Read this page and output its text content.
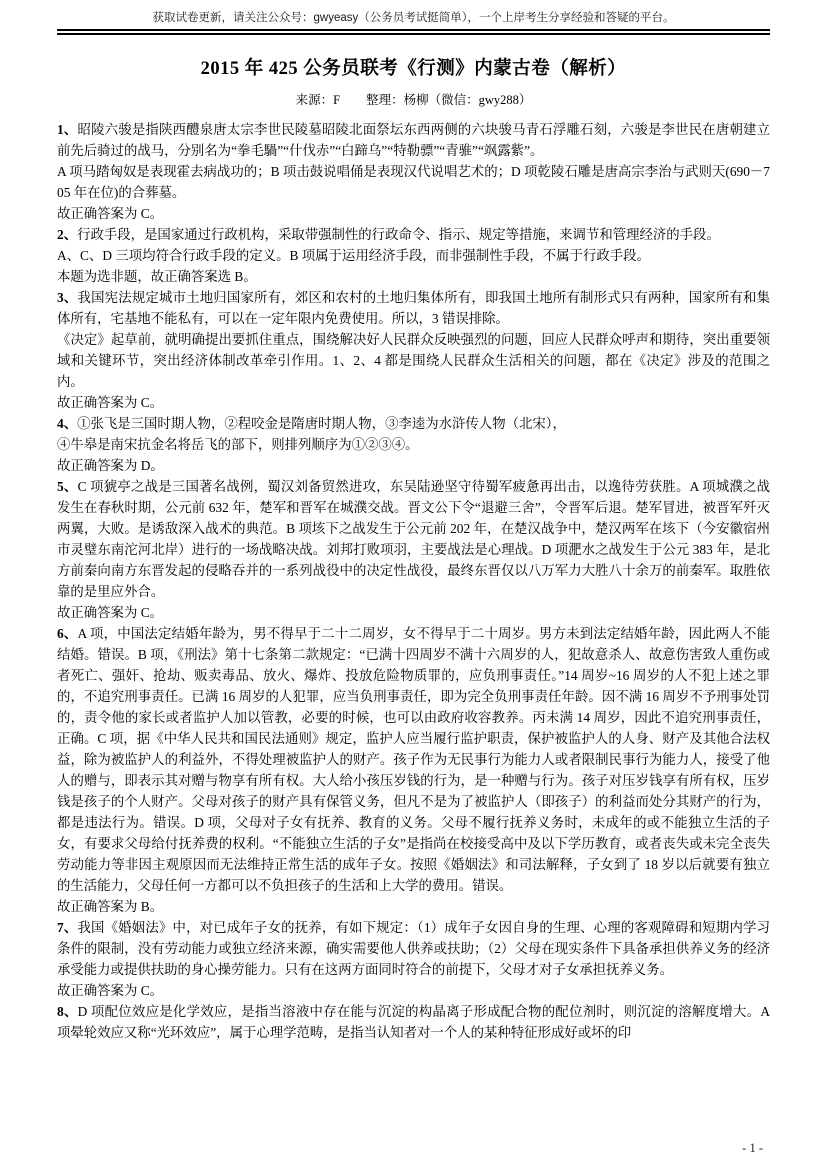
获取试卷更新，请关注公众号：gwyeasy（公务员考试挺简单），一个上岸考生分享经验和答疑的平台。
2015 年 425 公务员联考《行测》内蒙古卷（解析）
来源：F 整理：杨柳（微信：gwy288）

1、昭陵六骏是指陕西醴泉唐太宗李世民陵墓昭陵北面祭坛东西两侧的六块骏马青石浮雕石刻，六骏是李世民在唐朝建立前先后骑过的战马，分别名为“拳毛騧”“什伐赤”“白蹄乌”“特勒骠”“青骓”“飒露紫”。

A 项马踏匈奴是表现霍去病战功的；B 项击鼓说唱俑是表现汉代说唱艺术的；D 项乾陵石雕是唐高宗李治与武则天(690－705 年在位)的合葬墓。

故正确答案为 C。

2、行政手段，是国家通过行政机构，采取带强制性的行政命令、指示、规定等措施，来调节和管理经济的手段。

A、C、D 三项均符合行政手段的定义。B 项属于运用经济手段，而非强制性手段，不属于行政手段。

本题为选非题，故正确答案选 B。

3、我国宪法规定城市土地归国家所有，郊区和农村的土地归集体所有，即我国土地所有制形式只有两种，国家所有和集体所有，宅基地不能私有，可以在一定年限内免费使用。所以，3 错误排除。

《决定》起草前，就明确提出要抓住重点，围绕解决好人民群众反映强烈的问题，回应人民群众呼声和期待，突出重要领域和关键环节，突出经济体制改革牵引作用。1、2、4 都是围绕人民群众生活相关的问题，都在《决定》涉及的范围之内。

故正确答案为 C。

4、①张飞是三国时期人物，②程咬金是隋唐时期人物，③李逵为水浒传人物（北宋），

④牛皋是南宋抗金名将岳飞的部下，则排列顺序为①②③④。

故正确答案为 D。

5、C 项猇亭之战是三国著名战例，蜀汉刘备贸然进攻，东吴陆逊坚守待蜀军疲惫再出击，以逸待劳获胜。A 项城濮之战发生在春秋时期，公元前 632 年，楚军和晋军在城濮交战。晋文公下令“退避三舍”，令晋军后退。楚军冒进，被晋军歼灭两翼，大败。是诱敌深入战术的典范。B 项垓下之战发生于公元前 202 年，在楚汉战争中，楚汉两军在垓下（今安徽宿州市灵璧东南沱河北岸）进行的一场战略决战。刘邦打败项羽，主要战法是心理战。D 项淝水之战发生于公元 383 年，是北方前秦向南方东晋发起的侵略吞并的一系列战役中的决定性战役，最终东晋仅以八万军力大胜八十余万的前秦军。取胜依靠的是里应外合。

故正确答案为 C。

6、A 项，中国法定结婚年龄为，男不得早于二十二周岁，女不得早于二十周岁。男方未到法定结婚年龄，因此两人不能结婚。错误。B 项，《刑法》第十七条第二款规定：“已满十四周岁不满十六周岁的人，犯故意杀人、故意伤害致人重伤或者死亡、强奸、抢劫、贩卖毒品、放火、爆炸、投放危险物质罪的，应负刑事责任。”14 周岁~16 周岁的人不犯上述之罪的，不追究刑事责任。已满 16 周岁的人犯罪，应当负刑事责任，即为完全负刑事责任年龄。因不满 16 周岁不予刑事处罚的，责令他的家长或者监护人加以管教，必要的时候，也可以由政府收容教养。丙未满 14 周岁，因此不追究刑事责任，正确。C 项，据《中华人民共和国民法通则》规定，监护人应当履行监护职责，保护被监护人的人身、财产及其他合法权益，除为被监护人的利益外，不得处理被监护人的财产。孩子作为无民事行为能力人或者限制民事行为能力人，接受了他人的赠与，即表示其对赠与物享有所有权。大人给小孩压岁钱的行为，是一种赠与行为。孩子对压岁钱享有所有权，压岁钱是孩子的个人财产。父母对孩子的财产具有保管义务，但凡不是为了被监护人（即孩子）的利益而处分其财产的行为，都是违法行为。错误。D 项，父母对子女有抚养、教育的义务。父母不履行抚养义务时，未成年的或不能独立生活的子女，有要求父母给付抚养费的权利。“不能独立生活的子女”是指尚在校接受高中及以下学历教育，或者丧失或未完全丧失劳动能力等非因主观原因而无法维持正常生活的成年子女。按照《婚姻法》和司法解释，子女到了 18 岁以后就要有独立的生活能力，父母任何一方都可以不负担孩子的生活和上大学的费用。错误。

故正确答案为 B。

7、我国《婚姻法》中，对已成年子女的抚养，有如下规定：（1）成年子女因自身的生理、心理的客观障碍和短期内学习条件的限制，没有劳动能力或独立经济来源，确实需要他人供养或扶助；（2）父母在现实条件下具备承担供养义务的经济承受能力或提供扶助的身心操劳能力。只有在这两方面同时符合的前提下，父母才对子女承担抚养义务。

故正确答案为 C。

8、D 项配位效应是化学效应，是指当溶液中存在能与沉淀的构晶离子形成配合物的配位剂时，则沉淀的溶解度增大。A 项晕轮效应又称“光环效应”，属于心理学范畴，是指当认知者对一个人的某种特征形成好或坏的印

- 1 -
